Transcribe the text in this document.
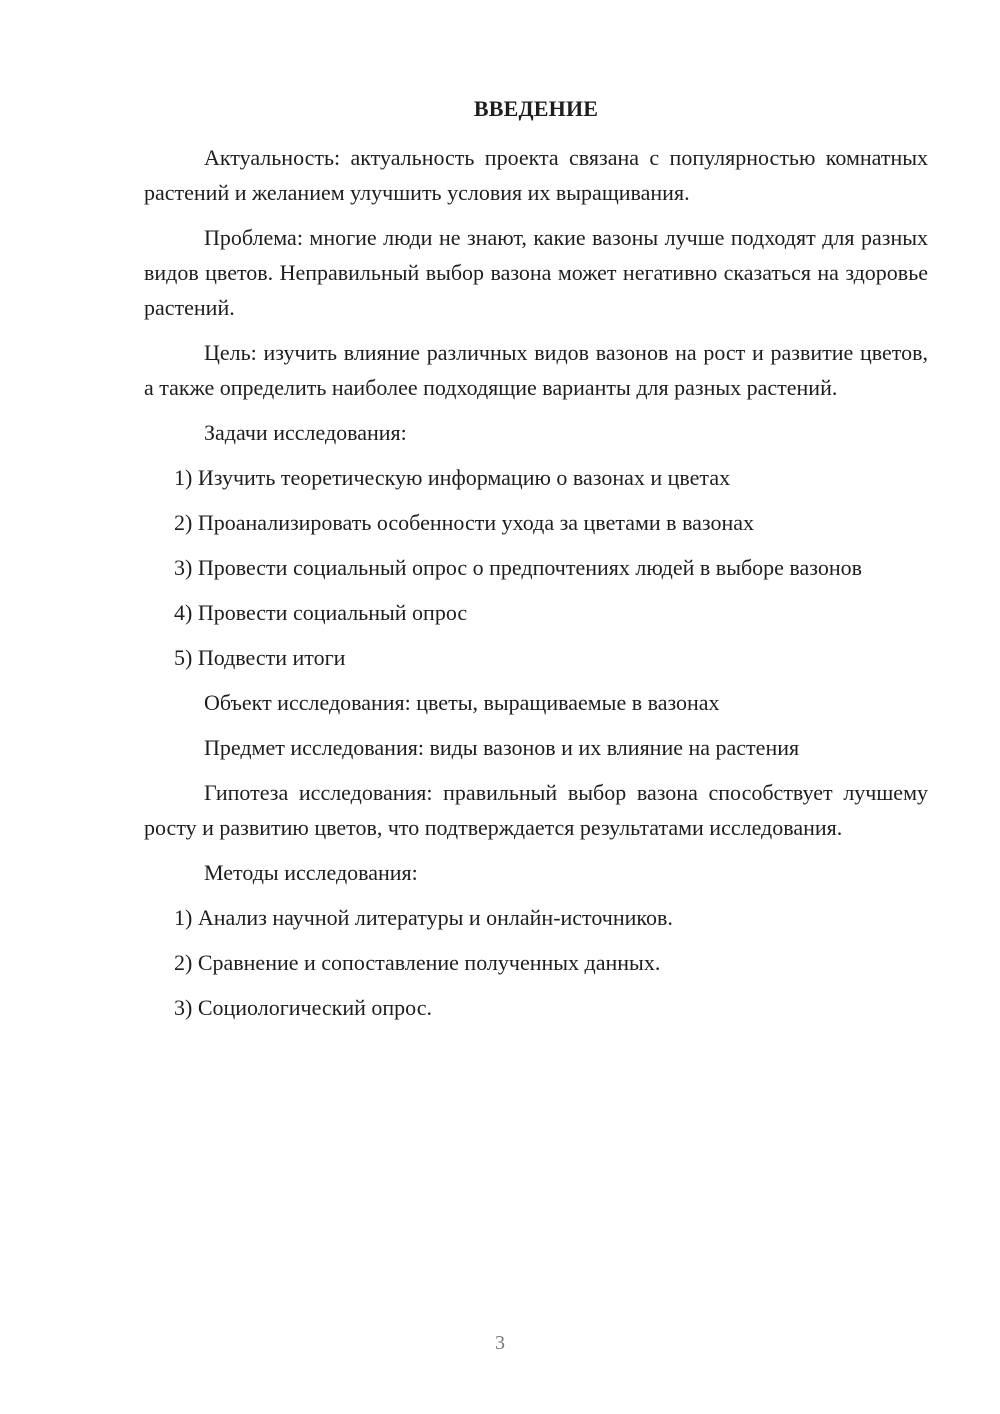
ВВЕДЕНИЕ
Актуальность: актуальность проекта связана с популярностью комнатных растений и желанием улучшить условия их выращивания.
Проблема: многие люди не знают, какие вазоны лучше подходят для разных видов цветов. Неправильный выбор вазона может негативно сказаться на здоровье растений.
Цель: изучить влияние различных видов вазонов на рост и развитие цветов, а также определить наиболее подходящие варианты для разных растений.
Задачи исследования:
1) Изучить теоретическую информацию о вазонах и цветах
2) Проанализировать особенности ухода за цветами в вазонах
3) Провести социальный опрос о предпочтениях людей в выборе вазонов
4) Провести социальный опрос
5) Подвести итоги
Объект исследования: цветы, выращиваемые в вазонах
Предмет исследования: виды вазонов и их влияние на растения
Гипотеза исследования: правильный выбор вазона способствует лучшему росту и развитию цветов, что подтверждается результатами исследования.
Методы исследования:
1) Анализ научной литературы и онлайн-источников.
2) Сравнение и сопоставление полученных данных.
3) Социологический опрос.
3
